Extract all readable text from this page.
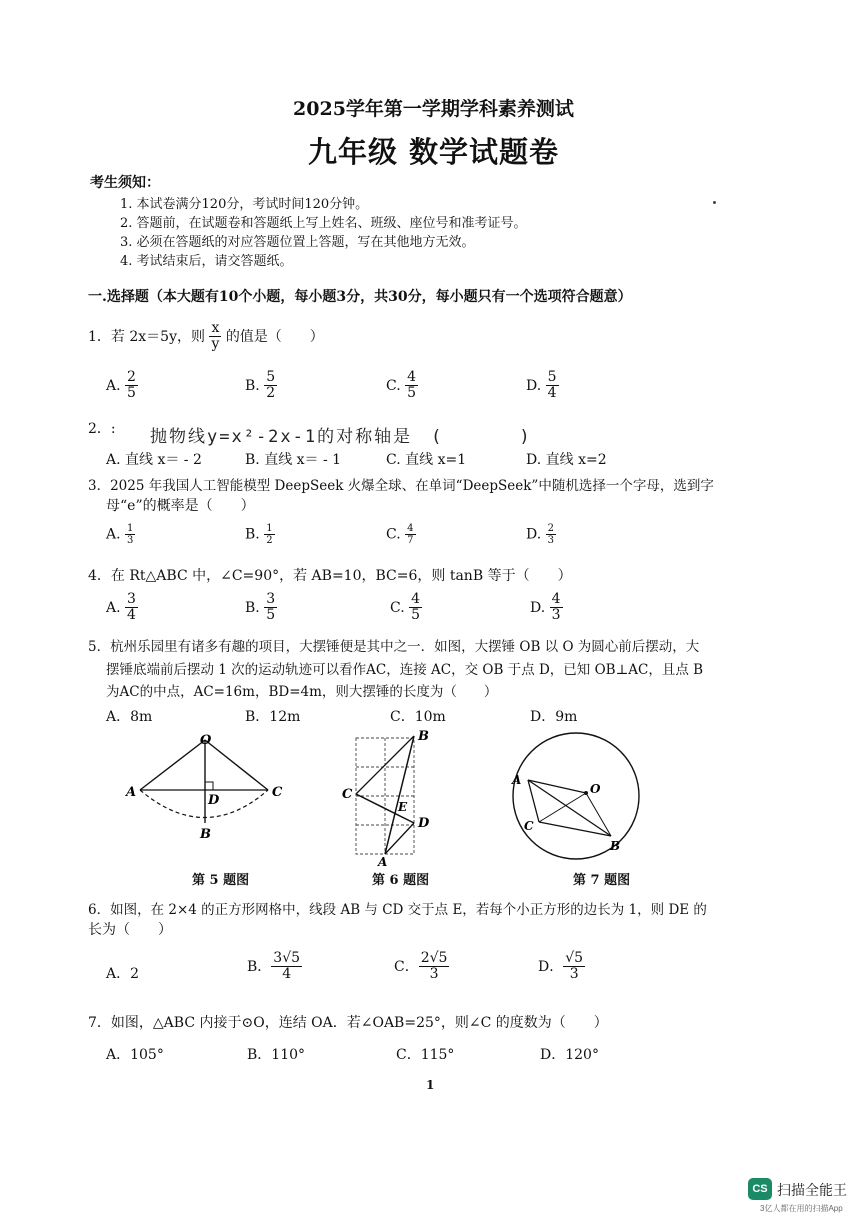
2025学年第一学期学科素养测试
九年级 数学试题卷
考生须知：
1. 本试卷满分120分，考试时间120分钟。
2. 答题前，在试题卷和答题纸上写上姓名、班级、座位号和准考证号。
3. 必须在答题纸的对应答题位置上答题，写在其他地方无效。
4. 考试结束后，请交答题纸。
一.选择题（本大题有10个小题，每小题3分，共30分，每小题只有一个选项符合题意）
1．若 2x＝5y，则 $\frac{x}{y}$ 的值是（　　）
A. $\frac{2}{5}$	B. $\frac{5}{2}$	C. $\frac{4}{5}$	D. $\frac{5}{4}$
2．: 抛物线y=x²-2x-1的对称轴是　(　　　　)
A. 直线 x＝ - 2	B. 直线 x＝ - 1	C. 直线 x=1	D. 直线 x=2
3．2025 年我国人工智能模型 DeepSeek 火爆全球、在单词“DeepSeek”中随机选择一个字母，选到字
母“e”的概率是（　　）
A. $\frac{1}{3}$	B. $\frac{1}{2}$	C. $\frac{4}{7}$	D. $\frac{2}{3}$
4．在 Rt△ABC 中，∠C=90°，若 AB=10，BC=6，则 tanB 等于（　　）
A. $\frac{3}{4}$	B. $\frac{3}{5}$	C. $\frac{4}{5}$	D. $\frac{4}{3}$
5．杭州乐园里有诸多有趣的项目，大摆锤便是其中之一．如图，大摆锤 OB 以 O 为圆心前后摆动，大
摆锤底端前后摆动 1 次的运动轨迹可以看作AC，连接 AC，交 OB 于点 D，已知 OB⊥AC，且点 B
为AC的中点，AC=16m，BD=4m，则大摆锤的长度为（　　）
A．8m	B．12m	C．10m	D．9m
O
A	C
D
B
第 5 题图
B
C
E
D
A
第 6 题图
A
O
C
B
第 7 题图
6．如图，在 2×4 的正方形网格中，线段 AB 与 CD 交于点 E，若每个小正方形的边长为 1，则 DE 的
长为（　　）
A．2	B． $\frac{3√5}{4}$	C． $\frac{2√5}{3}$	D． $\frac{√5}{3}$
7．如图，△ABC 内接于⊙O，连结 OA．若∠OAB=25°，则∠C 的度数为（　　）
A．105°	B．110°	C．115°	D．120°
1
CS 扫描全能王
3亿人都在用的扫描App
